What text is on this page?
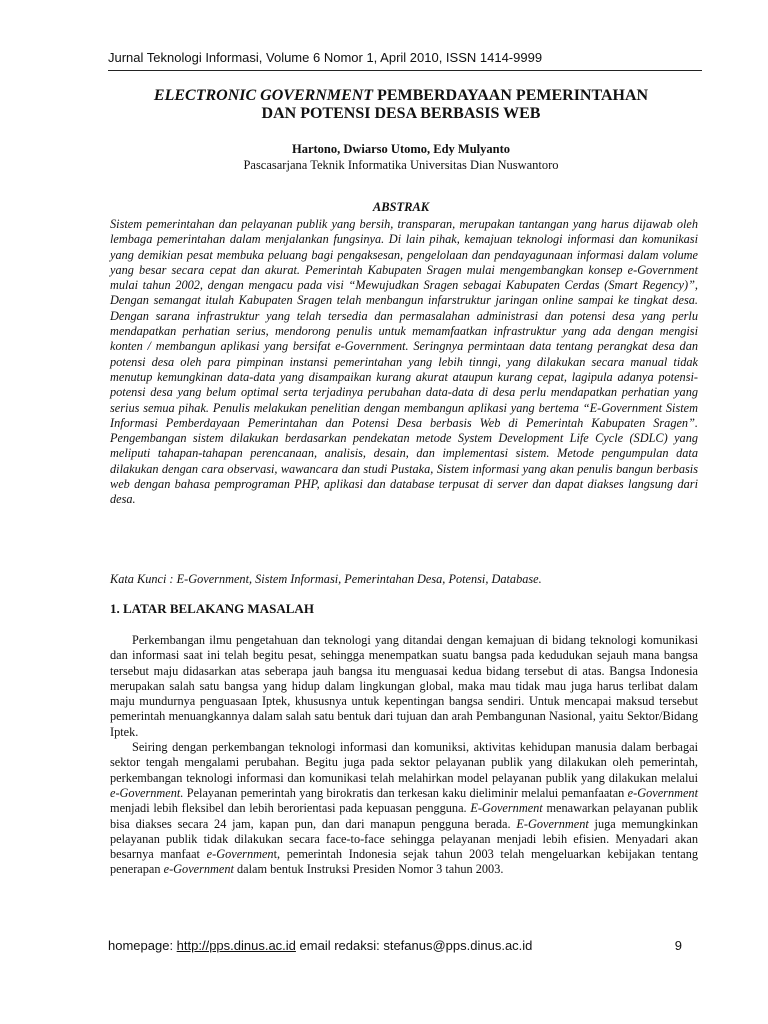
Jurnal Teknologi Informasi, Volume 6 Nomor 1, April 2010, ISSN 1414-9999
ELECTRONIC GOVERNMENT PEMBERDAYAAN PEMERINTAHAN
DAN POTENSI DESA BERBASIS WEB
Hartono, Dwiarso Utomo, Edy Mulyanto
Pascasarjana Teknik Informatika Universitas Dian Nuswantoro
ABSTRAK
Sistem pemerintahan dan pelayanan publik yang bersih, transparan, merupakan tantangan yang harus dijawab oleh lembaga pemerintahan dalam menjalankan fungsinya. Di lain pihak, kemajuan teknologi informasi dan komunikasi yang demikian pesat membuka peluang bagi pengaksesan, pengelolaan dan pendayagunaan informasi dalam volume yang besar secara cepat dan akurat. Pemerintah Kabupaten Sragen mulai mengembangkan konsep e-Government mulai tahun 2002, dengan mengacu pada visi “Mewujudkan Sragen sebagai Kabupaten Cerdas (Smart Regency)”, Dengan semangat itulah Kabupaten Sragen telah menbangun infarstruktur jaringan online sampai ke tingkat desa. Dengan sarana infrastruktur yang telah tersedia dan permasalahan administrasi dan potensi desa yang perlu mendapatkan perhatian serius, mendorong penulis untuk memamfaatkan infrastruktur yang ada dengan mengisi konten / membangun aplikasi yang bersifat e-Government. Seringnya permintaan data tentang perangkat desa dan potensi desa oleh para pimpinan instansi pemerintahan yang lebih tinngi, yang dilakukan secara manual tidak menutup kemungkinan data-data yang disampaikan kurang akurat ataupun kurang cepat, lagipula adanya potensi-potensi desa yang belum optimal serta terjadinya perubahan data-data di desa perlu mendapatkan perhatian yang serius semua pihak. Penulis melakukan penelitian dengan membangun aplikasi yang bertema “E-Government Sistem Informasi Pemberdayaan Pemerintahan dan Potensi Desa berbasis Web di Pemerintah Kabupaten Sragen”. Pengembangan sistem dilakukan berdasarkan pendekatan metode System Development Life Cycle (SDLC) yang meliputi tahapan-tahapan perencanaan, analisis, desain, dan implementasi sistem. Metode pengumpulan data dilakukan dengan cara observasi, wawancara dan studi Pustaka, Sistem informasi yang akan penulis bangun berbasis web dengan bahasa pemprograman PHP, aplikasi dan database terpusat di server dan dapat diakses langsung dari desa.
Kata Kunci : E-Government, Sistem Informasi, Pemerintahan Desa, Potensi, Database.
1. LATAR BELAKANG MASALAH

Perkembangan ilmu pengetahuan dan teknologi yang ditandai dengan kemajuan di bidang teknologi komunikasi dan informasi saat ini telah begitu pesat, sehingga menempatkan suatu bangsa pada kedudukan sejauh mana bangsa tersebut maju didasarkan atas seberapa jauh bangsa itu menguasai kedua bidang tersebut di atas. Bangsa Indonesia merupakan salah satu bangsa yang hidup dalam lingkungan global, maka mau tidak mau juga harus terlibat dalam maju mundurnya penguasaan Iptek, khususnya untuk kepentingan bangsa sendiri. Untuk mencapai maksud tersebut pemerintah menuangkannya dalam salah satu bentuk dari tujuan dan arah Pembangunan Nasional, yaitu Sektor/Bidang Iptek.

Seiring dengan perkembangan teknologi informasi dan komuniksi, aktivitas kehidupan manusia dalam berbagai sektor tengah mengalami perubahan. Begitu juga pada sektor pelayanan publik yang dilakukan oleh pemerintah, perkembangan teknologi informasi dan komunikasi telah melahirkan model pelayanan publik yang dilakukan melalui e-Government. Pelayanan pemerintah yang birokratis dan terkesan kaku dieliminir melalui pemanfaatan e-Government menjadi lebih fleksibel dan lebih berorientasi pada kepuasan pengguna. E-Government menawarkan pelayanan publik bisa diakses secara 24 jam, kapan pun, dan dari manapun pengguna berada. E-Government juga memungkinkan pelayanan publik tidak dilakukan secara face-to-face sehingga pelayanan menjadi lebih efisien. Menyadari akan besarnya manfaat e-Government, pemerintah Indonesia sejak tahun 2003 telah mengeluarkan kebijakan tentang penerapan e-Government dalam bentuk Instruksi Presiden Nomor 3 tahun 2003.

homepage: http://pps.dinus.ac.id email redaksi: stefanus@pps.dinus.ac.id	9
